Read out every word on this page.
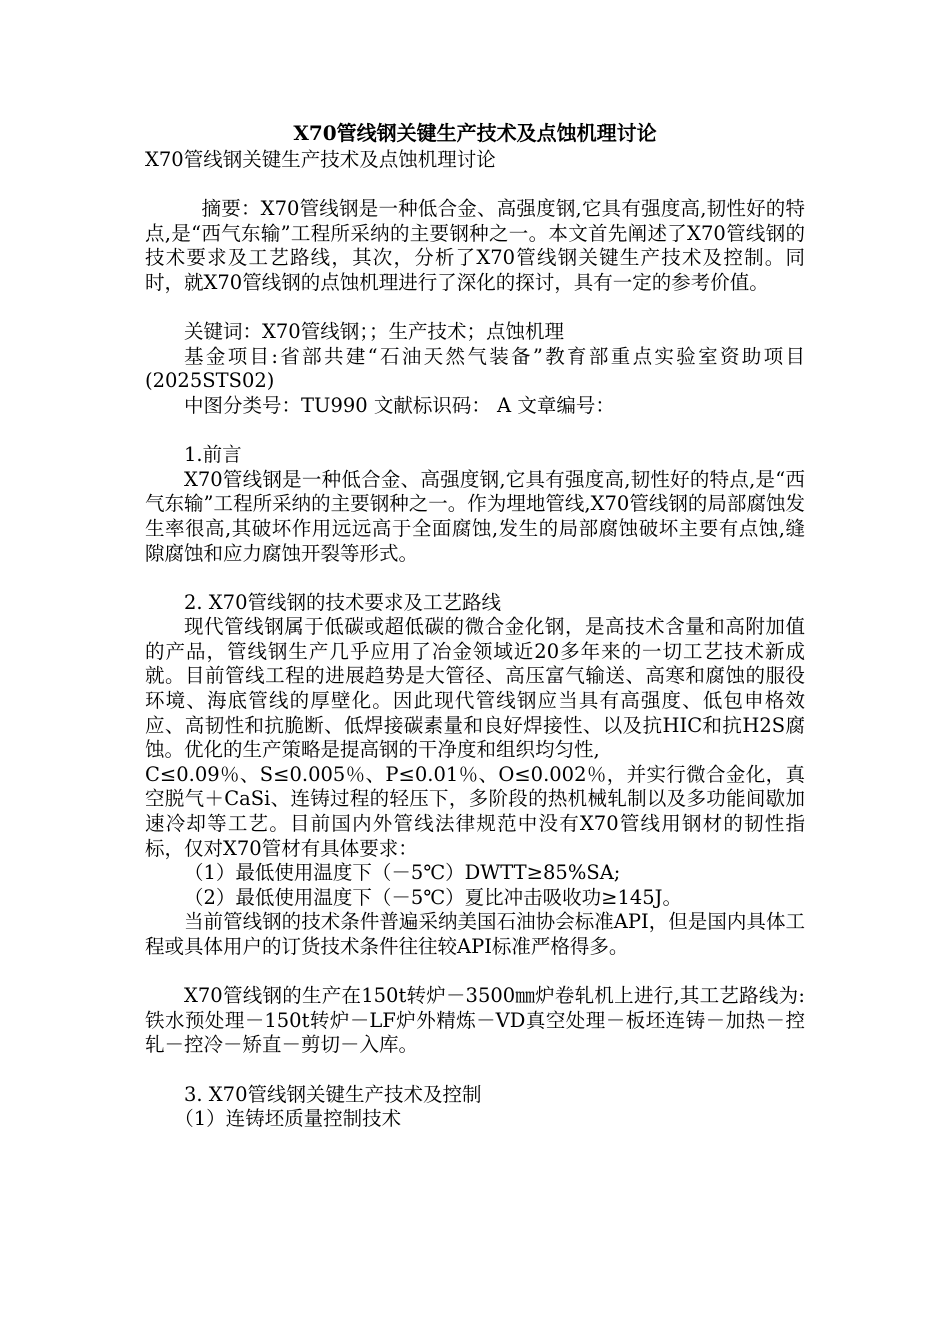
X70管线钢关键生产技术及点蚀机理讨论

X70管线钢关键生产技术及点蚀机理讨论

摘要：X70管线钢是一种低合金、高强度钢,它具有强度高,韧性好的特点,是“西气东输”工程所采纳的主要钢种之一。本文首先阐述了X70管线钢的技术要求及工艺路线，其次，分析了X70管线钢关键生产技术及控制。同时，就X70管线钢的点蚀机理进行了深化的探讨，具有一定的参考价值。

关键词：X70管线钢；；生产技术；点蚀机理

基金项目:省部共建“石油天然气装备”教育部重点实验室资助项目(2025STS02)

中图分类号：TU990 文献标识码： A 文章编号：

1.前言

X70管线钢是一种低合金、高强度钢,它具有强度高,韧性好的特点,是“西气东输”工程所采纳的主要钢种之一。作为埋地管线,X70管线钢的局部腐蚀发生率很高,其破坏作用远远高于全面腐蚀,发生的局部腐蚀破坏主要有点蚀,缝隙腐蚀和应力腐蚀开裂等形式。

2. X70管线钢的技术要求及工艺路线

现代管线钢属于低碳或超低碳的微合金化钢，是高技术含量和高附加值的产品，管线钢生产几乎应用了冶金领域近20多年来的一切工艺技术新成就。目前管线工程的进展趋势是大管径、高压富气输送、高寒和腐蚀的服役环境、海底管线的厚壁化。因此现代管线钢应当具有高强度、低包申格效应、高韧性和抗脆断、低焊接碳素量和良好焊接性、以及抗HIC和抗H2S腐蚀。优化的生产策略是提高钢的干净度和组织均匀性,

C≤0.09％、S≤0.005％、P≤0.01％、O≤0.002％，并实行微合金化，真空脱气＋CaSi、连铸过程的轻压下，多阶段的热机械轧制以及多功能间歇加速冷却等工艺。目前国内外管线法律规范中没有X70管线用钢材的韧性指标，仅对X70管材有具体要求：

（1）最低使用温度下（－5℃）DWTT≥85%SA;

（2）最低使用温度下（－5℃）夏比冲击吸收功≥145J。

当前管线钢的技术条件普遍采纳美国石油协会标准API，但是国内具体工程或具体用户的订货技术条件往往较API标准严格得多。

X70管线钢的生产在150t转炉－3500㎜炉卷轧机上进行,其工艺路线为:铁水预处理－150t转炉－LF炉外精炼－VD真空处理－板坯连铸－加热－控轧－控冷－矫直－剪切－入库。

3. X70管线钢关键生产技术及控制

（1）连铸坯质量控制技术
